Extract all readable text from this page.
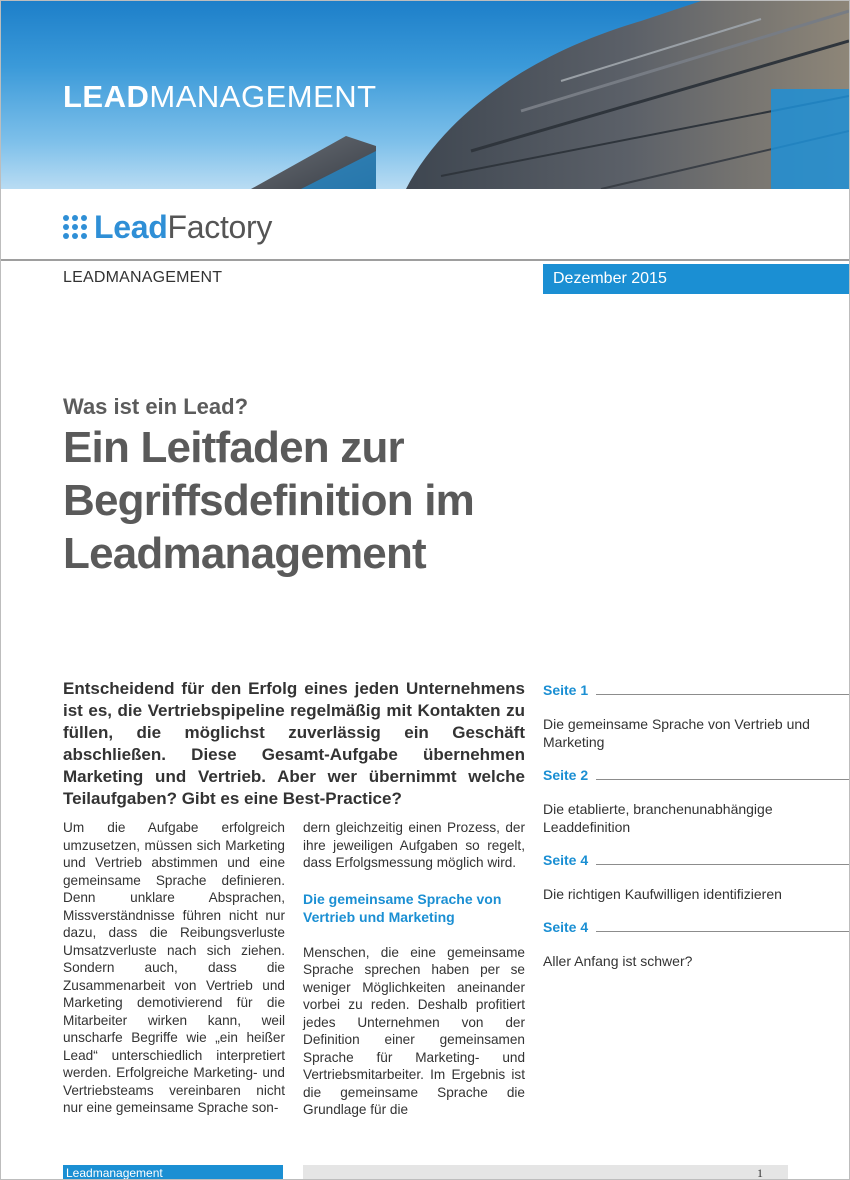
LEADMANAGEMENT
LeadFactory
LEADMANAGEMENT	Dezember 2015
Was ist ein Lead?
Ein Leitfaden zur Begriffsdefinition im Leadmanagement

Entscheidend für den Erfolg eines jeden Unternehmens ist es, die Vertriebspipeline regelmäßig mit Kontakten zu füllen, die möglichst zuverlässig ein Geschäft abschließen. Diese Gesamt-Aufgabe übernehmen Marketing und Vertrieb. Aber wer übernimmt welche Teilaufgaben? Gibt es eine Best-Practice?

Um die Aufgabe erfolgreich umzusetzen, müssen sich Marketing und Vertrieb abstimmen und eine gemeinsame Sprache definieren. Denn unklare Absprachen, Missverständnisse führen nicht nur dazu, dass die Reibungsverluste Umsatzverluste nach sich ziehen. Sondern auch, dass die Zusammenarbeit von Vertrieb und Marketing demotivierend für die Mitarbeiter wirken kann, weil unscharfe Begriffe wie „ein heißer Lead“ unterschiedlich interpretiert werden. Erfolgreiche Marketing- und Vertriebsteams vereinbaren nicht nur eine gemeinsame Sprache son-

dern gleichzeitig einen Prozess, der ihre jeweiligen Aufgaben so regelt, dass Erfolgsmessung möglich wird.

Die gemeinsame Sprache von Vertrieb und Marketing

Menschen, die eine gemeinsame Sprache sprechen haben per se weniger Möglichkeiten aneinander vorbei zu reden. Deshalb profitiert jedes Unternehmen von der Definition einer gemeinsamen Sprache für Marketing- und Vertriebsmitarbeiter. Im Ergebnis ist die gemeinsame Sprache die Grundlage für die

Seite 1
Die gemeinsame Sprache von Vertrieb und Marketing
Seite 2
Die etablierte, branchenunabhängige Leaddefinition
Seite 4
Die richtigen Kaufwilligen identifizieren
Seite 4
Aller Anfang ist schwer?
Leadmanagement	1
